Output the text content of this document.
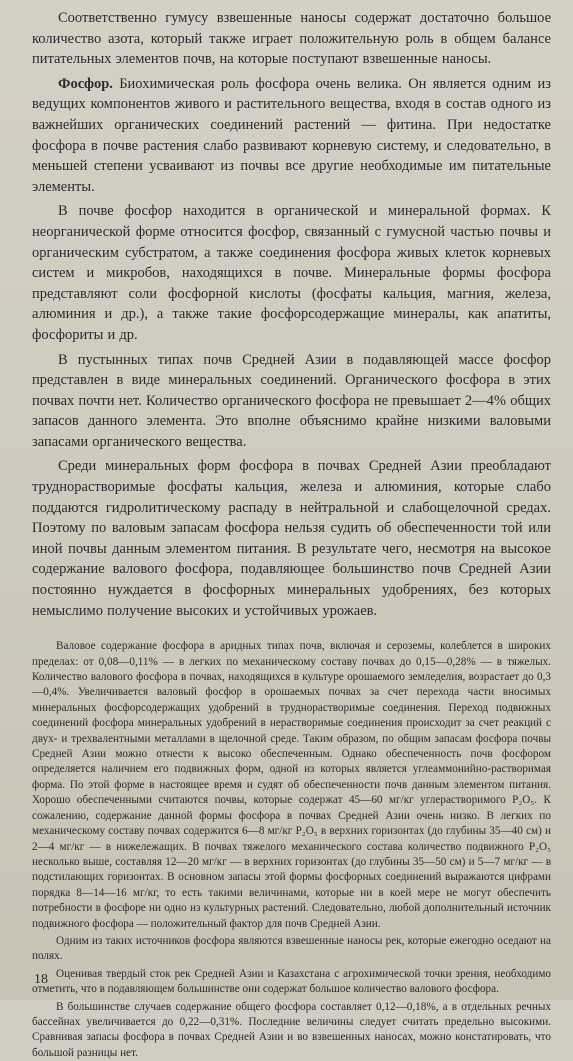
Соответственно гумусу взвешенные наносы содержат достаточно большое количество азота, который также играет положительную роль в общем балансе питательных элементов почв, на которые поступают взвешенные наносы.

Фосфор. Биохимическая роль фосфора очень велика. Он является одним из ведущих компонентов живого и растительного вещества, входя в состав одного из важнейших органических соединений растений — фитина. При недостатке фосфора в почве растения слабо развивают корневую систему, и следовательно, в меньшей степени усваивают из почвы все другие необходимые им питательные элементы.

В почве фосфор находится в органической и минеральной формах. К неорганической форме относится фосфор, связанный с гумусной частью почвы и органическим субстратом, а также соединения фосфора живых клеток корневых систем и микробов, находящихся в почве. Минеральные формы фосфора представляют соли фосфорной кислоты (фосфаты кальция, магния, железа, алюминия и др.), а также такие фосфорсодержащие минералы, как апатиты, фосфориты и др.

В пустынных типах почв Средней Азии в подавляющей массе фосфор представлен в виде минеральных соединений. Органического фосфора в этих почвах почти нет. Количество органического фосфора не превышает 2—4% общих запасов данного элемента. Это вполне объяснимо крайне низкими валовыми запасами органического вещества.

Среди минеральных форм фосфора в почвах Средней Азии преобладают труднорастворимые фосфаты кальция, железа и алюминия, которые слабо поддаются гидролитическому распаду в нейтральной и слабощелочной средах. Поэтому по валовым запасам фосфора нельзя судить об обеспеченности той или иной почвы данным элементом питания. В результате чего, несмотря на высокое содержание валового фосфора, подавляющее большинство почв Средней Азии постоянно нуждается в фосфорных минеральных удобрениях, без которых немыслимо получение высоких и устойчивых урожаев.

Валовое содержание фосфора в аридных типах почв, включая и сероземы, колеблется в широких пределах: от 0,08—0,11% — в легких по механическому составу почвах до 0,15—0,28% — в тяжелых. Количество валового фосфора в почвах, находящихся в культуре орошаемого земледелия, возрастает до 0,3—0,4%. Увеличивается валовый фосфор в орошаемых почвах за счет перехода части вносимых минеральных фосфорсодержащих удобрений в труднорастворимые соединения. Переход подвижных соединений фосфора минеральных удобрений в нерастворимые соединения происходит за счет реакций с двух- и трехвалентными металлами в щелочной среде. Таким образом, по общим запасам фосфора почвы Средней Азии можно отнести к высоко обеспеченным. Однако обеспеченность почв фосфором определяется наличием его подвижных форм, одной из которых является углеаммонийно-растворимая форма. По этой форме в настоящее время и судят об обеспеченности почв данным элементом питания. Хорошо обеспеченными считаются почвы, которые содержат 45—60 мг/кг углерастворимого P₂O₅. К сожалению, содержание данной формы фосфора в почвах Средней Азии очень низко. В легких по механическому составу почвах содержится 6—8 мг/кг P₂O₅ в верхних горизонтах (до глубины 35—40 см) и 2—4 мг/кг — в нижележащих. В почвах тяжелого механического состава количество подвижного P₂O₅ несколько выше, составляя 12—20 мг/кг — в верхних горизонтах (до глубины 35—50 см) и 5—7 мг/кг — в подстилающих горизонтах. В основном запасы этой формы фосфорных соединений выражаются цифрами порядка 8—14—16 мг/кг, то есть такими величинами, которые ни в коей мере не могут обеспечить потребности в фосфоре ни одно из культурных растений. Следовательно, любой дополнительный источник подвижного фосфора — положительный фактор для почв Средней Азии.

Одним из таких источников фосфора являются взвешенные наносы рек, которые ежегодно оседают на полях.

Оценивая твердый сток рек Средней Азии и Казахстана с агрохимической точки зрения, необходимо отметить, что в подавляющем большинстве они содержат большое количество валового фосфора.

В большинстве случаев содержание общего фосфора составляет 0,12—0,18%, а в отдельных речных бассейнах увеличивается до 0,22—0,31%. Последние величины следует считать предельно высокими. Сравнивая запасы фосфора в почвах Средней Азии и во взвешенных наносах, можно констатировать, что большой разницы нет.

18
